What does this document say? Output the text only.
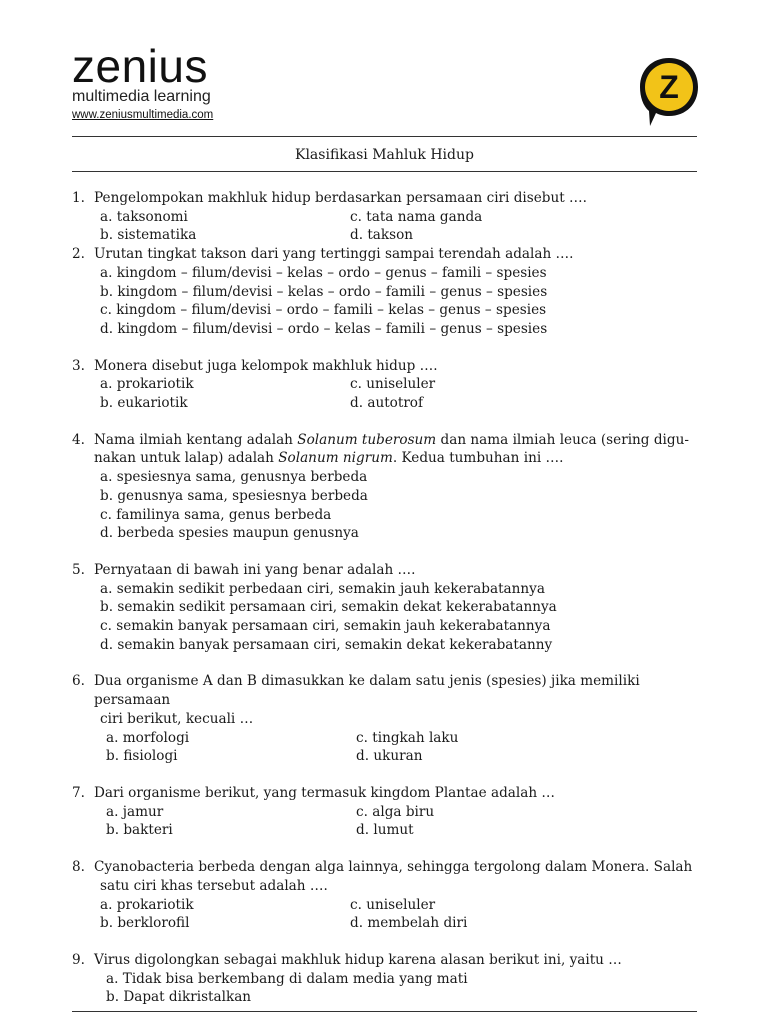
zenius
multimedia learning
www.zeniusmultimedia.com
Z
Klasifikasi Mahluk Hidup
1. Pengelompokan makhluk hidup berdasarkan persamaan ciri disebut ….
a. taksonomi	c. tata nama ganda
b. sistematika	d. takson
2. Urutan tingkat takson dari yang tertinggi sampai terendah adalah ….
a. kingdom – filum/devisi – kelas – ordo – genus – famili – spesies
b. kingdom – filum/devisi – kelas – ordo – famili – genus – spesies
c. kingdom – filum/devisi – ordo – famili – kelas – genus – spesies
d. kingdom – filum/devisi – ordo – kelas – famili – genus – spesies
3. Monera disebut juga kelompok makhluk hidup ….
a. prokariotik	c. uniseluler
b. eukariotik	d. autotrof
4. Nama ilmiah kentang adalah Solanum tuberosum dan nama ilmiah leuca (sering digu-
nakan untuk lalap) adalah Solanum nigrum. Kedua tumbuhan ini ….
a. spesiesnya sama, genusnya berbeda
b. genusnya sama, spesiesnya berbeda
c. familinya sama, genus berbeda
d. berbeda spesies maupun genusnya
5. Pernyataan di bawah ini yang benar adalah ….
a. semakin sedikit perbedaan ciri, semakin jauh kekerabatannya
b. semakin sedikit persamaan ciri, semakin dekat kekerabatannya
c. semakin banyak persamaan ciri, semakin jauh kekerabatannya
d. semakin banyak persamaan ciri, semakin dekat kekerabatanny
6. Dua organisme A dan B dimasukkan ke dalam satu jenis (spesies) jika memiliki persamaan
ciri berikut, kecuali …
a. morfologi	c. tingkah laku
b. fisiologi	d. ukuran
7. Dari organisme berikut, yang termasuk kingdom Plantae adalah …
a. jamur	c. alga biru
b. bakteri	d. lumut
8. Cyanobacteria berbeda dengan alga lainnya, sehingga tergolong dalam Monera. Salah
satu ciri khas tersebut adalah ….
a. prokariotik	c. uniseluler
b. berklorofil	d. membelah diri
9. Virus digolongkan sebagai makhluk hidup karena alasan berikut ini, yaitu …
a. Tidak bisa berkembang di dalam media yang mati
b. Dapat dikristalkan
